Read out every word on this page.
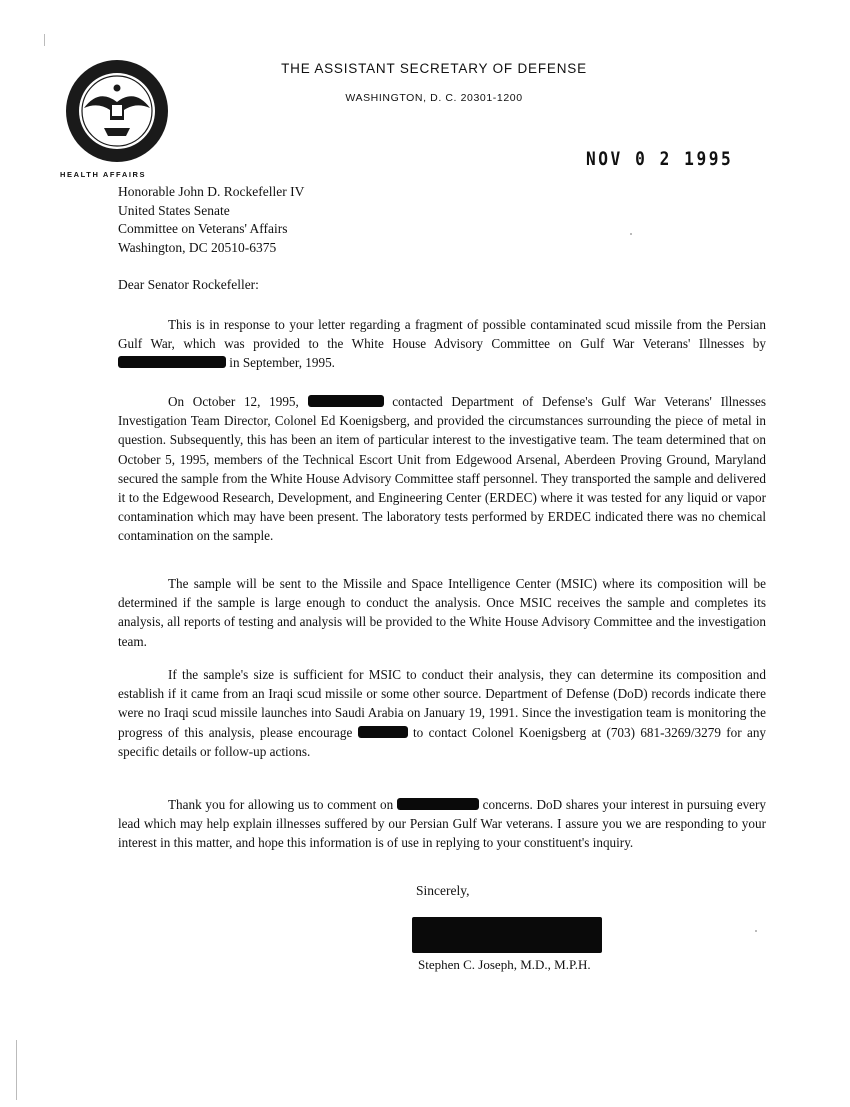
THE ASSISTANT SECRETARY OF DEFENSE
WASHINGTON, D. C. 20301-1200
HEALTH AFFAIRS
NOV 0 2 1995
Honorable John D. Rockefeller IV
United States Senate
Committee on Veterans' Affairs
Washington, DC 20510-6375
Dear Senator Rockefeller:

This is in response to your letter regarding a fragment of possible contaminated scud missile from the Persian Gulf War, which was provided to the White House Advisory Committee on Gulf War Veterans' Illnesses by  in September, 1995.

On October 12, 1995,	contacted Department of Defense's Gulf War Veterans' Illnesses Investigation Team Director, Colonel Ed Koenigsberg, and provided the circumstances surrounding the piece of metal in question. Subsequently, this has been an item of particular interest to the investigative team. The team determined that on October 5, 1995, members of the Technical Escort Unit from Edgewood Arsenal, Aberdeen Proving Ground, Maryland secured the sample from the White House Advisory Committee staff personnel. They transported the sample and delivered it to the Edgewood Research, Development, and Engineering Center (ERDEC) where it was tested for any liquid or vapor contamination which may have been present. The laboratory tests performed by ERDEC indicated there was no chemical contamination on the sample.

The sample will be sent to the Missile and Space Intelligence Center (MSIC) where its composition will be determined if the sample is large enough to conduct the analysis. Once MSIC receives the sample and completes its analysis, all reports of testing and analysis will be provided to the White House Advisory Committee and the investigation team.

If the sample's size is sufficient for MSIC to conduct their analysis, they can determine its composition and establish if it came from an Iraqi scud missile or some other source. Department of Defense (DoD) records indicate there were no Iraqi scud missile launches into Saudi Arabia on January 19, 1991. Since the investigation team is monitoring the progress of this analysis, please encourage	to contact Colonel Koenigsberg at (703) 681-3269/3279 for any specific details or follow-up actions.

Thank you for allowing us to comment on	concerns. DoD shares your interest in pursuing every lead which may help explain illnesses suffered by our Persian Gulf War veterans. I assure you we are responding to your interest in this matter, and hope this information is of use in replying to your constituent's inquiry.

Sincerely,
Stephen C. Joseph, M.D., M.P.H.
